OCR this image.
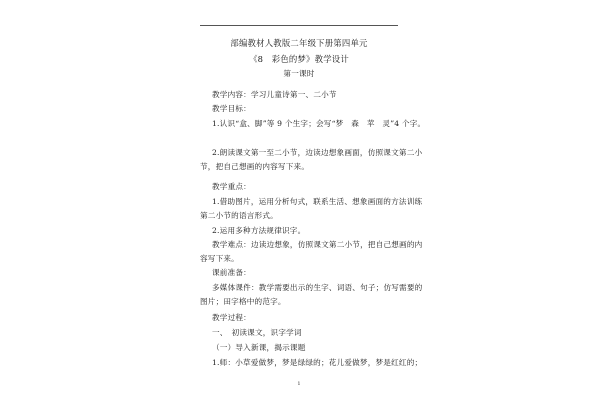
部编教材人教版二年级下册第四单元
《8　彩色的梦》教学设计
第一课时
教学内容：学习儿童诗第一、二小节
教学目标：
1.认识“盒、脚”等 9 个生字；会写“梦　森　苹　灵”4 个字。
2.朗读课文第一至二小节，边读边想象画面，仿照课文第二小
节，把自己想画的内容写下来。
教学重点：
1.借助图片，运用分析句式，联系生活、想象画面的方法训练
第二小节的语言形式。
2.运用多种方法规律识字。
教学难点：边读边想象，仿照课文第二小节，把自己想画的内
容写下来。
课前准备：
多媒体课件：教学需要出示的生字、词语、句子；仿写需要的
图片；田字格中的范字。
教学过程：
一、　初读课文，识字学词
（一）导入新课，揭示课题
1.师：小草爱做梦，梦是绿绿的；花儿爱做梦，梦是红红的；
1
